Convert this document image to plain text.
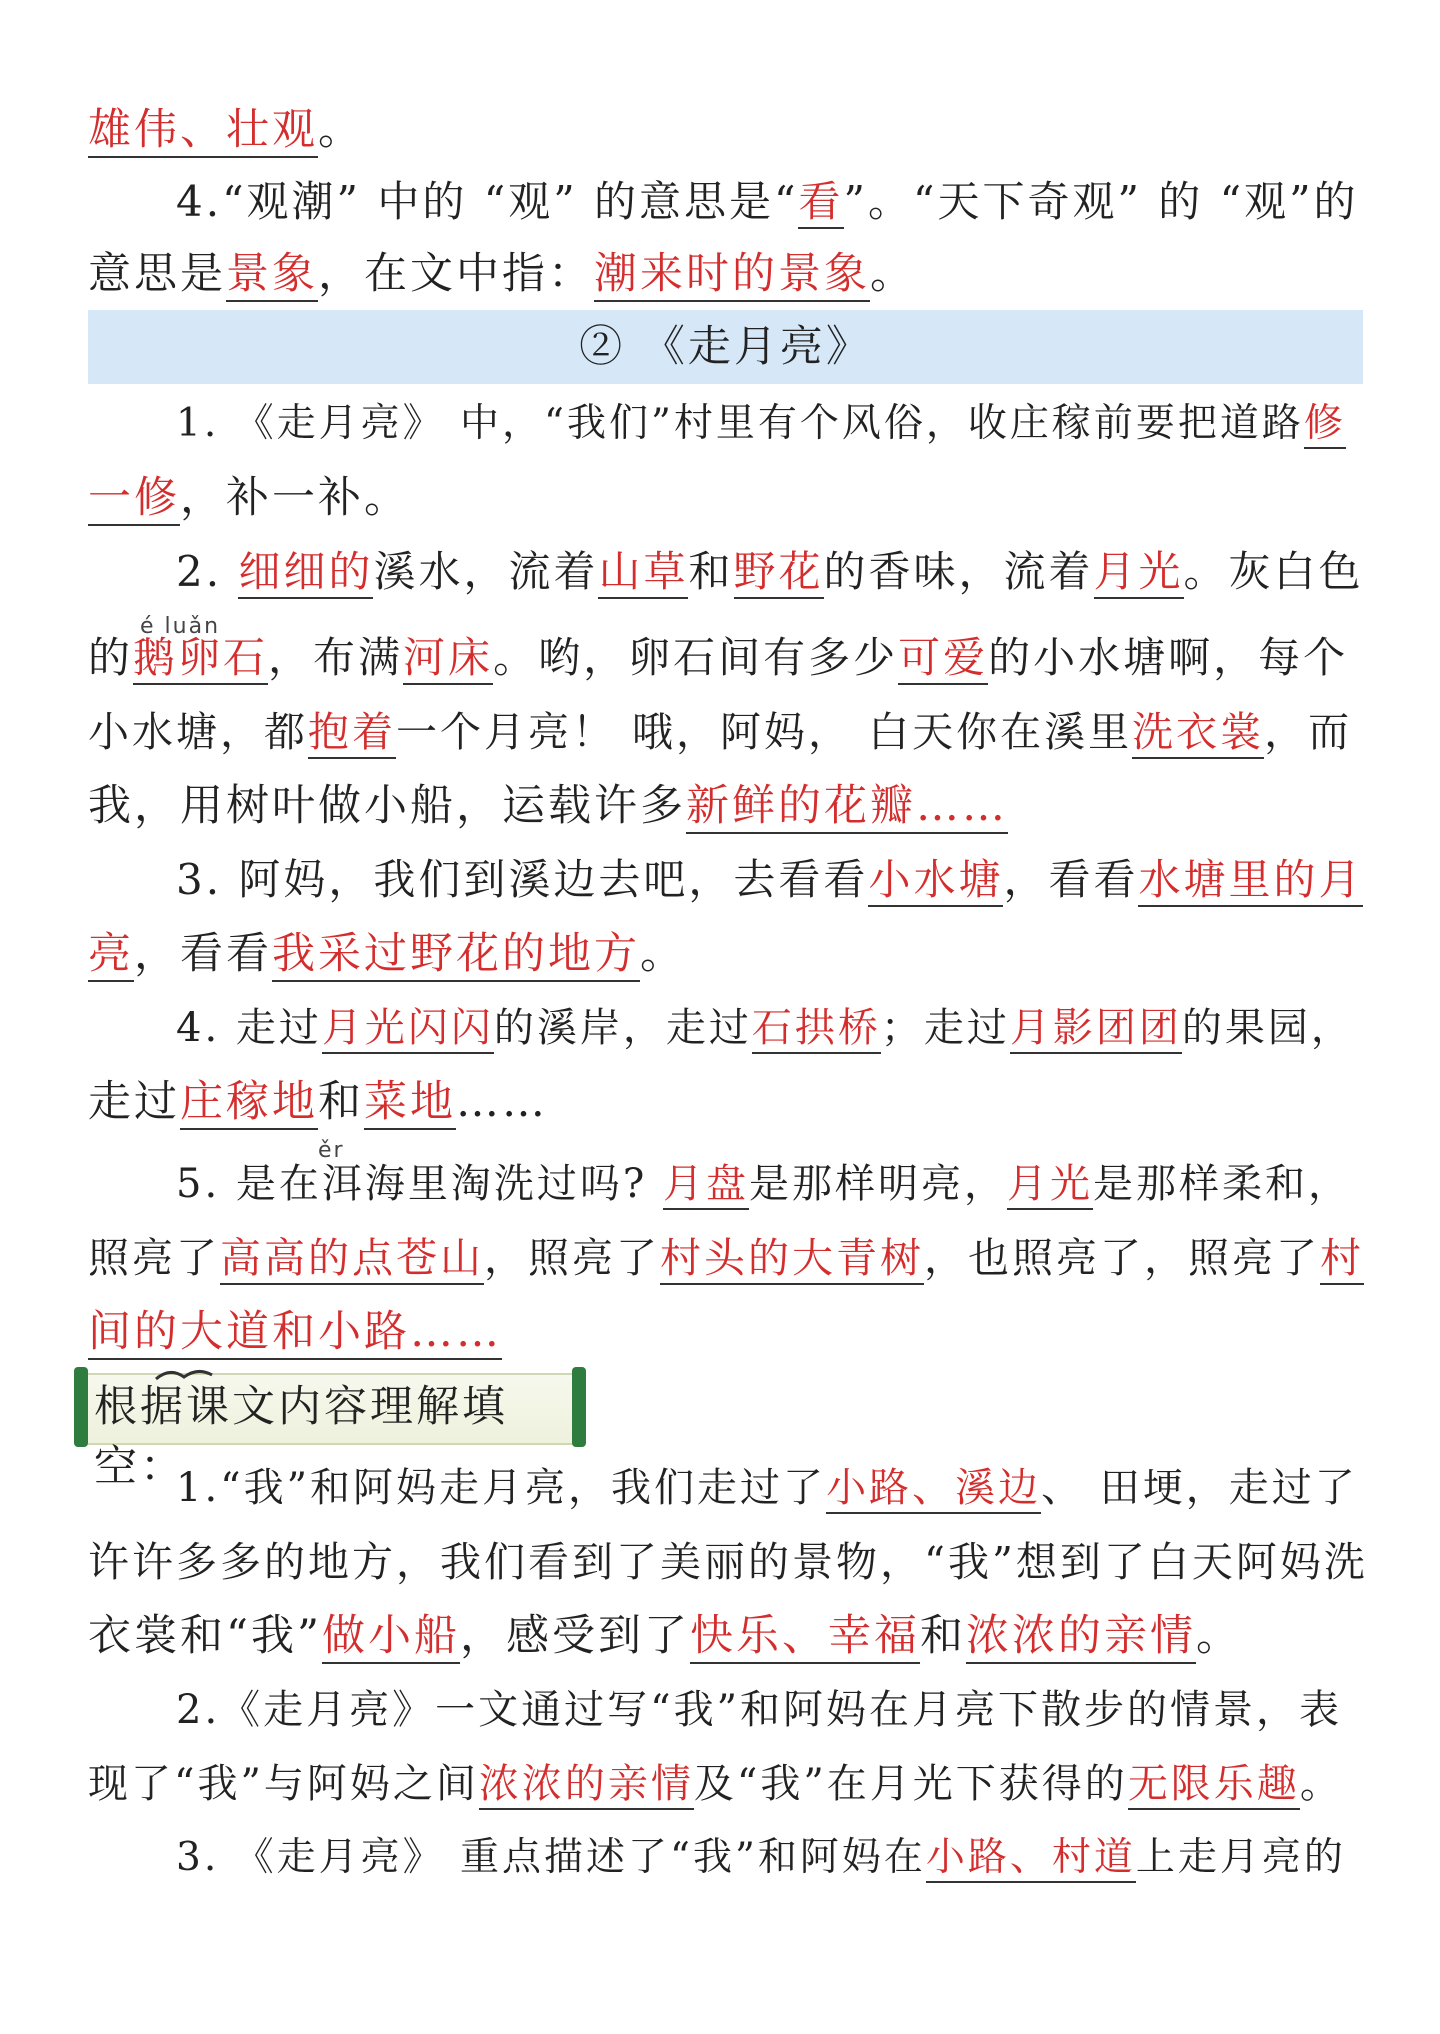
雄伟、壮观。
4.“观潮” 中的 “观” 的意思是“看”。“天下奇观” 的 “观”的
意思是景象，在文中指：潮来时的景象。
② 《走月亮》
1. 《走月亮》 中，“我们”村里有个风俗，收庄稼前要把道路修
一修，补一补。
2. 细细的溪水，流着山草和野花的香味，流着月光。灰白色
é luǎn
的鹅卵石，布满河床。哟，卵石间有多少可爱的小水塘啊，每个
小水塘，都抱着一个月亮！ 哦，阿妈， 白天你在溪里洗衣裳，而
我，用树叶做小船，运载许多新鲜的花瓣……
3. 阿妈，我们到溪边去吧，去看看小水塘，看看水塘里的月
亮，看看我采过野花的地方。
4. 走过月光闪闪的溪岸，走过石拱桥；走过月影团团的果园，
走过庄稼地和菜地……
ěr
5. 是在洱海里淘洗过吗? 月盘是那样明亮，月光是那样柔和，
照亮了高高的点苍山，照亮了村头的大青树，也照亮了，照亮了村
间的大道和小路……
根据课文内容理解填空：
1.“我”和阿妈走月亮，我们走过了小路、溪边、 田埂，走过了
许许多多的地方，我们看到了美丽的景物，“我”想到了白天阿妈洗
衣裳和“我”做小船，感受到了快乐、幸福和浓浓的亲情。
2.《走月亮》一文通过写“我”和阿妈在月亮下散步的情景，表
现了“我”与阿妈之间浓浓的亲情及“我”在月光下获得的无限乐趣。
3. 《走月亮》 重点描述了“我”和阿妈在小路、村道上走月亮的
